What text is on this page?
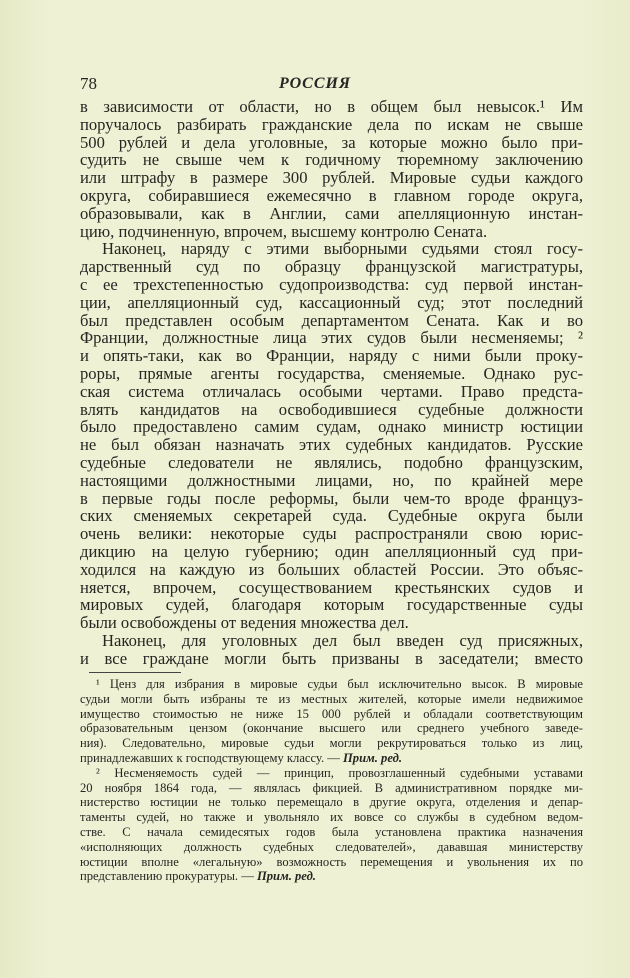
78	РОССИЯ
в зависимости от области, но в общем был невысок.¹ Им
поручалось разбирать гражданские дела по искам не свыше
500 рублей и дела уголовные, за которые можно было при-
судить не свыше чем к годичному тюремному заключению
или штрафу в размере 300 рублей. Мировые судьи каждого
округа, собиравшиеся ежемесячно в главном городе округа,
образовывали, как в Англии, сами апелляционную инстан-
цию, подчиненную, впрочем, высшему контролю Сената.
Наконец, наряду с этими выборными судьями стоял госу-
дарственный суд по образцу французской магистратуры,
с ее трехстепенностью судопроизводства: суд первой инстан-
ции, апелляционный суд, кассационный суд; этот последний
был представлен особым департаментом Сената. Как и во
Франции, должностные лица этих судов были несменяемы; ²
и опять-таки, как во Франции, наряду с ними были проку-
роры, прямые агенты государства, сменяемые. Однако рус-
ская система отличалась особыми чертами. Право предста-
влять кандидатов на освободившиеся судебные должности
было предоставлено самим судам, однако министр юстиции
не был обязан назначать этих судебных кандидатов. Русские
судебные следователи не являлись, подобно французским,
настоящими должностными лицами, но, по крайней мере
в первые годы после реформы, были чем-то вроде француз-
ских сменяемых секретарей суда. Судебные округа были
очень велики: некоторые суды распространяли свою юрис-
дикцию на целую губернию; один апелляционный суд при-
ходился на каждую из больших областей России. Это объяс-
няется, впрочем, сосуществованием крестьянских судов и
мировых судей, благодаря которым государственные суды
были освобождены от ведения множества дел.
Наконец, для уголовных дел был введен суд присяжных,
и все граждане могли быть призваны в заседатели; вместо
¹ Ценз для избрания в мировые судьи был исключительно высок. В мировые
судьи могли быть избраны те из местных жителей, которые имели недвижимое
имущество стоимостью не ниже 15 000 рублей и обладали соответствующим
образовательным цензом (окончание высшего или среднего учебного заведе-
ния). Следовательно, мировые судьи могли рекрутироваться только из лиц,
принадлежавших к господствующему классу. — Прим. ред.
² Несменяемость судей — принцип, провозглашенный судебными уставами
20 ноября 1864 года, — являлась фикцией. В административном порядке ми-
нистерство юстиции не только перемещало в другие округа, отделения и депар-
таменты судей, но также и увольняло их вовсе со службы в судебном ведом-
стве. С начала семидесятых годов была установлена практика назначения
«исполняющих должность судебных следователей», дававшая министерству
юстиции вполне «легальную» возможность перемещения и увольнения их по
представлению прокуратуры. — Прим. ред.
